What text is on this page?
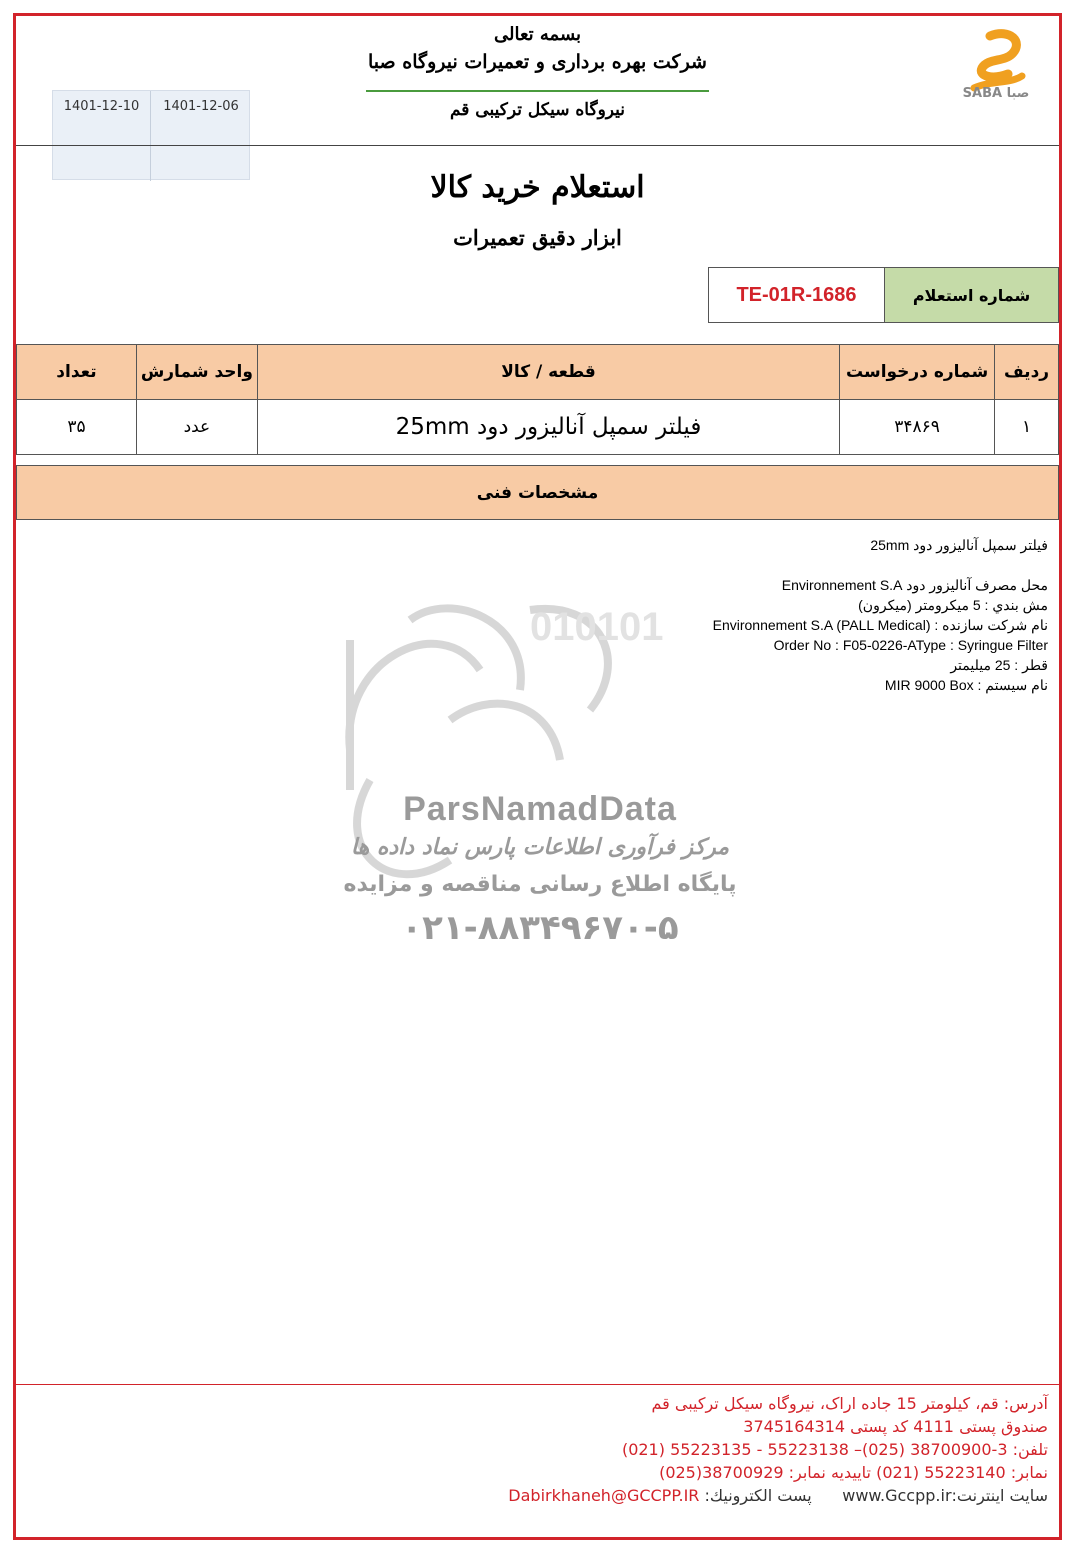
SABA صبا
1401-12-10	1401-12-06
بسمه تعالی
شرکت بهره برداری و تعمیرات نیروگاه صبا
نیروگاه سیکل ترکیبی قم
استعلام خرید کالا
ابزار دقیق تعمیرات
TE-01R-1686	شماره استعلام
ردیف	شماره درخواست	قطعه / کالا	واحد شمارش	تعداد
۱	۳۴۸۶۹	فیلتر سمپل آنالیزور دود 25mm	عدد	۳۵
مشخصات فنی
010101
ParsNamadData
مرکز فرآوری اطلاعات پارس نماد داده ها
پایگاه اطلاع رسانی مناقصه و مزایده
۰۲۱-۸۸۳۴۹۶۷۰-۵
فیلتر سمپل آنالیزور دود 25mm
محل مصرف آنالیزور دود Environnement S.A
مش بندي : 5 ميكرومتر (ميكرون)
نام شركت سازنده : (Environnement S.A (PALL Medical
Order No : F05-0226-AType : Syringue Filter
قطر : 25 میلیمتر
نام سیستم : MIR 9000 Box
آدرس: قم، کیلومتر 15 جاده اراک، نیروگاه سیکل ترکیبی قم
صندوق پستی 4111 کد پستی 3745164314
تلفن: 3-38700900 (025)– 55223138 - 55223135 (021)
نمابر: 55223140 (021) تاییدیه نمابر: 38700929(025)
سایت اینترنت:www.Gccpp.ir      پست الکترونیك: Dabirkhaneh@GCCPP.IR
